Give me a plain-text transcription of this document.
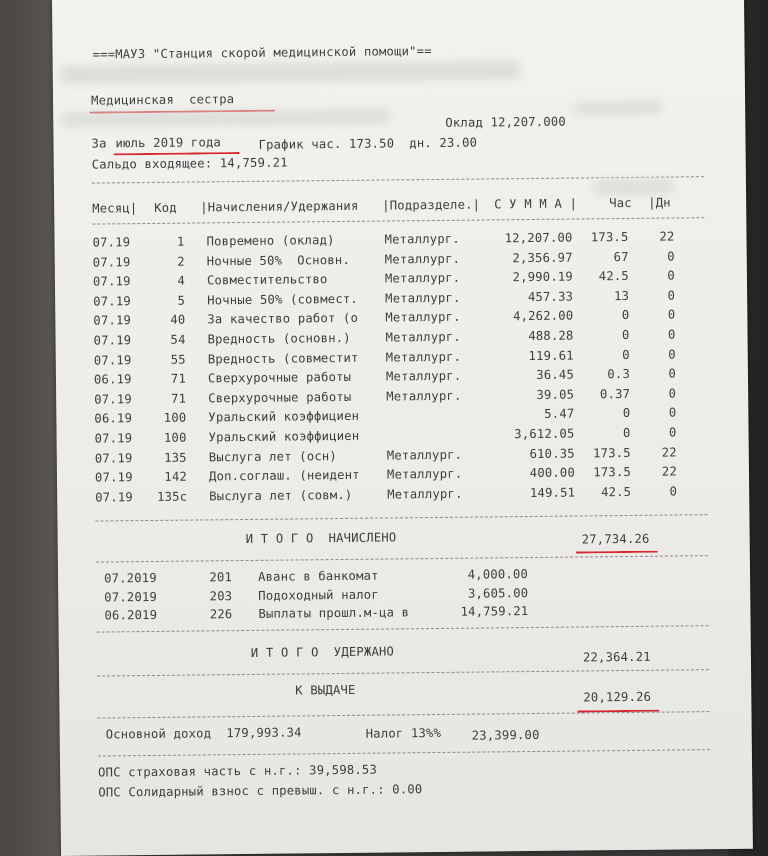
===МАУЗ "Станция скорой медицинской помощи"==
Медицинская  сестра
Оклад 12,207.000
За июль 2019 года	График час. 173.50  дн. 23.00
Сальдо входящее: 14,759.21
Месяц| Код |Начисления/Удержания |Подразделе.| С У М М А |	Час |Дн
07.19	1 Повремено (оклад)	Металлург.	12,207.00	173.5	22
07.19	2 Ночные 50%  Основн.	Металлург.	2,356.97	67	0
07.19	4 Совместительство	Металлург.	2,990.19	42.5	0
07.19	5 Ночные 50% (совмест. Металлург.	457.33	13	0
07.19	40 За качество работ (о Металлург.	4,262.00	0	0
07.19	54 Вредность (основн.)	Металлург.	488.28	0	0
07.19	55 Вредность (совместит Металлург.	119.61	0	0
06.19	71 Сверхурочные работы	Металлург.	36.45	0.3	0
07.19	71 Сверхурочные работы	Металлург.	39.05	0.37	0
06.19	100 Уральский коэффициен	5.47	0	0
07.19	100 Уральский коэффициен	3,612.05	0	0
07.19	135 Выслуга лет (осн)	Металлург.	610.35	173.5	22
07.19	142 Доп.соглаш. (неидент Металлург.	400.00	173.5	22
07.19	135с Выслуга лет (совм.)	Металлург.	149.51	42.5	0
И Т О Г О  НАЧИСЛЕНО	27,734.26
07.2019	201 Аванс в банкомат	4,000.00
07.2019	203 Подоходный налог	3,605.00
06.2019	226 Выплаты прошл.м-ца в	14,759.21
И Т О Г О  УДЕРЖАНО	22,364.21
К ВЫДАЧЕ	20,129.26
Основной доход  179,993.34	Налог 13%%	23,399.00
ОПС страховая часть с н.г.: 39,598.53
ОПС Солидарный взнос с превыш. с н.г.: 0.00
